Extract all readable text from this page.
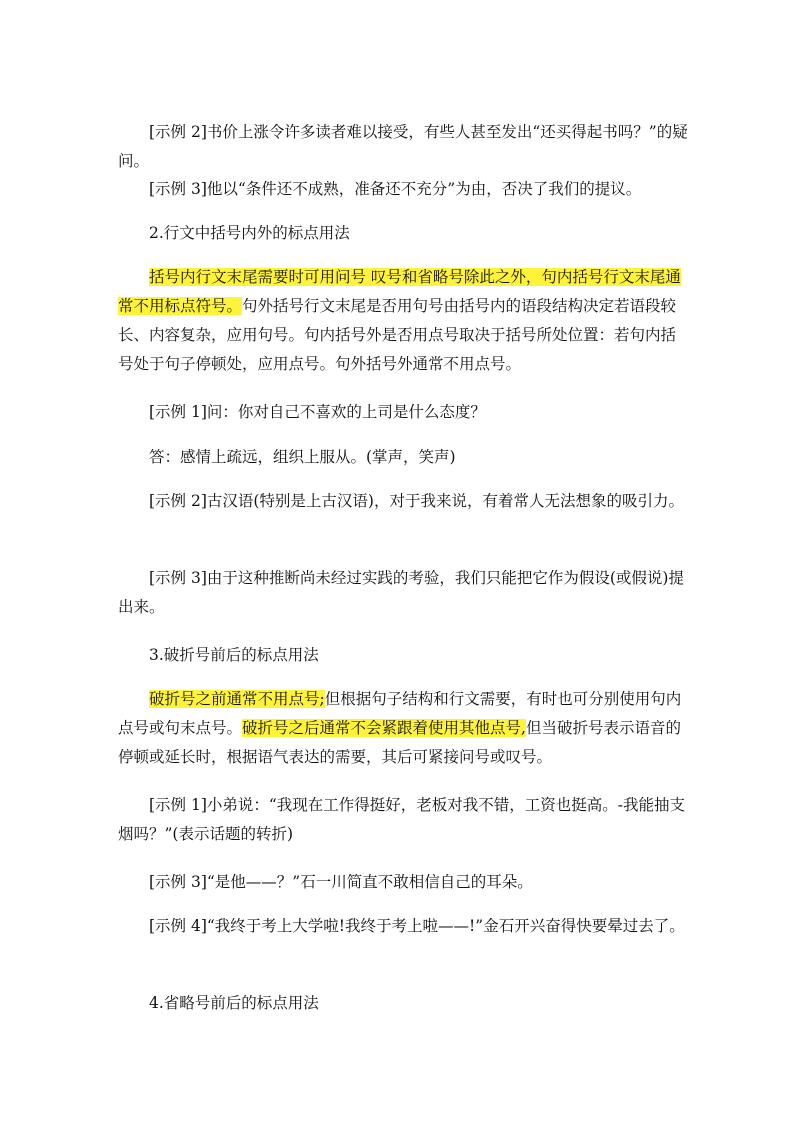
[示例 2]书价上涨令许多读者难以接受，有些人甚至发出“还买得起书吗？”的疑问。

[示例 3]他以“条件还不成熟，准备还不充分”为由，否决了我们的提议。

2.行文中括号内外的标点用法

括号内行文末尾需要时可用问号 叹号和省略号除此之外，句内括号行文末尾通常不用标点符号。句外括号行文末尾是否用句号由括号内的语段结构决定若语段较长、内容复杂，应用句号。句内括号外是否用点号取决于括号所处位置：若句内括号处于句子停顿处，应用点号。句外括号外通常不用点号。

[示例 1]问：你对自己不喜欢的上司是什么态度？

答：感情上疏远，组织上服从。(掌声，笑声)

[示例 2]古汉语(特别是上古汉语)，对于我来说，有着常人无法想象的吸引力。

[示例 3]由于这种推断尚未经过实践的考验，我们只能把它作为假设(或假说)提出来。

3.破折号前后的标点用法

破折号之前通常不用点号;但根据句子结构和行文需要，有时也可分别使用句内点号或句末点号。破折号之后通常不会紧跟着使用其他点号,但当破折号表示语音的停顿或延长时，根据语气表达的需要，其后可紧接问号或叹号。

[示例 1]小弟说：“我现在工作得挺好，老板对我不错，工资也挺高。-我能抽支烟吗？”(表示话题的转折)

[示例 3]“是他——？”石一川简直不敢相信自己的耳朵。

[示例 4]“我终于考上大学啦!我终于考上啦——!”金石开兴奋得快要晕过去了。

4.省略号前后的标点用法
